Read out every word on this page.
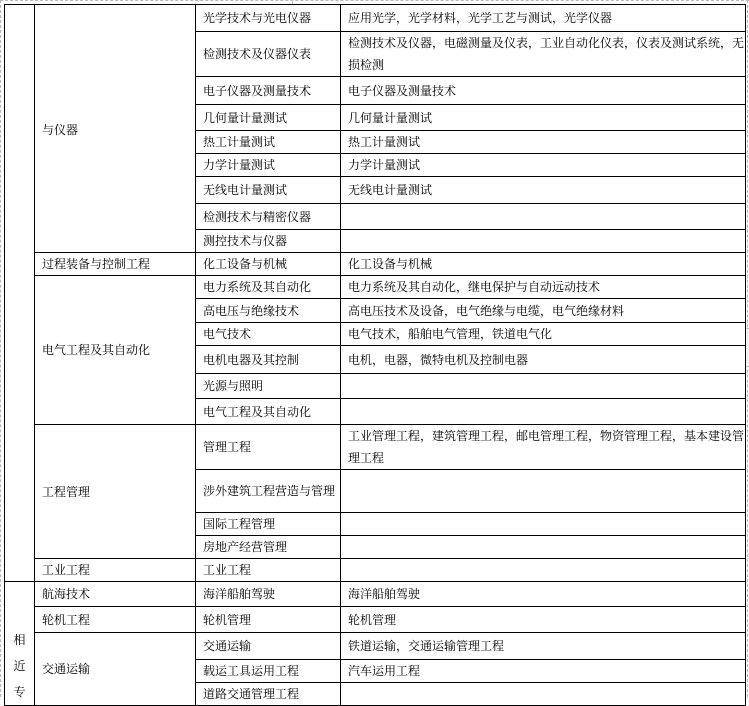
	与仪器	光学技术与光电仪器	应用光学，光学材料，光学工艺与测试，光学仪器
		检测技术及仪器仪表	检测技术及仪器，电磁测量及仪表，工业自动化仪表，仪表及测试系统，无损检测
		电子仪器及测量技术	电子仪器及测量技术
		几何量计量测试	几何量计量测试
		热工计量测试	热工计量测试
		力学计量测试	力学计量测试
		无线电计量测试	无线电计量测试
		检测技术与精密仪器	
		测控技术与仪器	
	过程装备与控制工程	化工设备与机械	化工设备与机械
	电气工程及其自动化	电力系统及其自动化	电力系统及其自动化，继电保护与自动远动技术
		高电压与绝缘技术	高电压技术及设备，电气绝缘与电缆，电气绝缘材料
		电气技术	电气技术，船舶电气管理，铁道电气化
		电机电器及其控制	电机，电器，微特电机及控制电器
		光源与照明	
		电气工程及其自动化	
	工程管理	管理工程	工业管理工程，建筑管理工程，邮电管理工程，物资管理工程，基本建设管理工程
		涉外建筑工程营造与管理	
		国际工程管理	
		房地产经营管理	
	工业工程	工业工程	

相
近
专	航海技术	海洋船舶驾驶	海洋船舶驾驶
	轮机工程	轮机管理	轮机管理
	交通运输	交通运输	铁道运输，交通运输管理工程
		载运工具运用工程	汽车运用工程
		道路交通管理工程	
